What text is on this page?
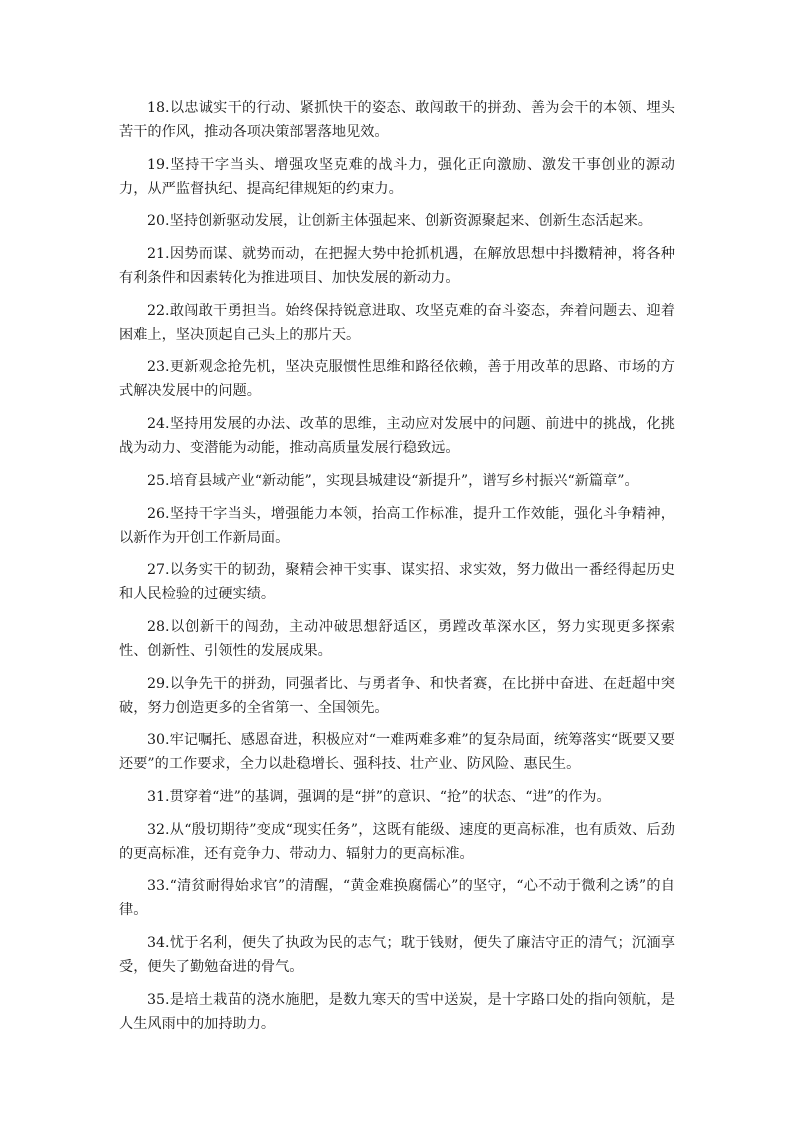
18.以忠诚实干的行动、紧抓快干的姿态、敢闯敢干的拼劲、善为会干的本领、埋头苦干的作风，推动各项决策部署落地见效。

19.坚持干字当头、增强攻坚克难的战斗力，强化正向激励、激发干事创业的源动力，从严监督执纪、提高纪律规矩的约束力。

20.坚持创新驱动发展，让创新主体强起来、创新资源聚起来、创新生态活起来。

21.因势而谋、就势而动，在把握大势中抢抓机遇，在解放思想中抖擞精神，将各种有利条件和因素转化为推进项目、加快发展的新动力。

22.敢闯敢干勇担当。始终保持锐意进取、攻坚克难的奋斗姿态，奔着问题去、迎着困难上，坚决顶起自己头上的那片天。

23.更新观念抢先机，坚决克服惯性思维和路径依赖，善于用改革的思路、市场的方式解决发展中的问题。

24.坚持用发展的办法、改革的思维，主动应对发展中的问题、前进中的挑战，化挑战为动力、变潜能为动能，推动高质量发展行稳致远。

25.培育县域产业“新动能”，实现县城建设“新提升”，谱写乡村振兴“新篇章”。

26.坚持干字当头，增强能力本领，抬高工作标准，提升工作效能，强化斗争精神，以新作为开创工作新局面。

27.以务实干的韧劲，聚精会神干实事、谋实招、求实效，努力做出一番经得起历史和人民检验的过硬实绩。

28.以创新干的闯劲，主动冲破思想舒适区，勇蹚改革深水区，努力实现更多探索性、创新性、引领性的发展成果。

29.以争先干的拼劲，同强者比、与勇者争、和快者赛，在比拼中奋进、在赶超中突破，努力创造更多的全省第一、全国领先。

30.牢记嘱托、感恩奋进，积极应对“一难两难多难”的复杂局面，统筹落实“既要又要还要”的工作要求，全力以赴稳增长、强科技、壮产业、防风险、惠民生。

31.贯穿着“进”的基调，强调的是“拼”的意识、“抢”的状态、“进”的作为。

32.从“殷切期待”变成“现实任务”，这既有能级、速度的更高标准，也有质效、后劲的更高标准，还有竞争力、带动力、辐射力的更高标准。

33.“清贫耐得始求官”的清醒，“黄金难换腐儒心”的坚守，“心不动于微利之诱”的自律。

34.忧于名利，便失了执政为民的志气；耽于钱财，便失了廉洁守正的清气；沉湎享受，便失了勤勉奋进的骨气。

35.是培土栽苗的浇水施肥，是数九寒天的雪中送炭，是十字路口处的指向领航，是人生风雨中的加持助力。
